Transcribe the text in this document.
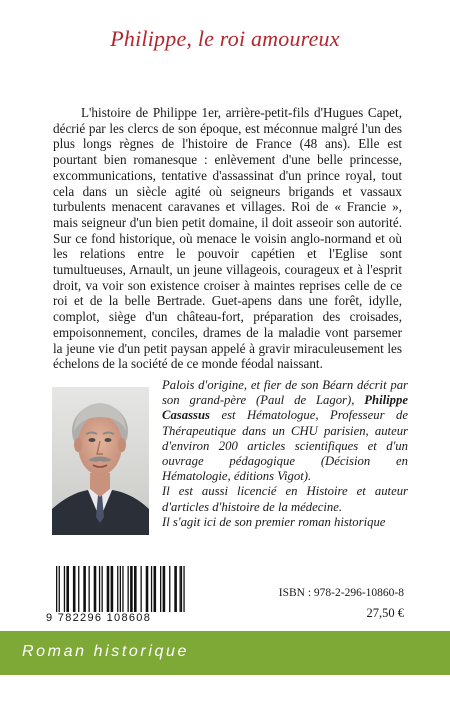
Philippe, le roi amoureux

L'histoire de Philippe 1er, arrière-petit-fils d'Hugues Capet, décrié par les clercs de son époque, est méconnue malgré l'un des plus longs règnes de l'histoire de France (48 ans). Elle est pourtant bien romanesque : enlèvement d'une belle princesse, excommunications, tentative d'assassinat d'un prince royal, tout cela dans un siècle agité où seigneurs brigands et vassaux turbulents menacent caravanes et villages. Roi de « Francie », mais seigneur d'un bien petit domaine, il doit asseoir son autorité. Sur ce fond historique, où menace le voisin anglo-normand et où les relations entre le pouvoir capétien et l'Eglise sont tumultueuses, Arnault, un jeune villageois, courageux et à l'esprit droit, va voir son existence croiser à maintes reprises celle de ce roi et de la belle Bertrade. Guet-apens dans une forêt, idylle, complot, siège d'un château-fort, préparation des croisades, empoisonnement, conciles, drames de la maladie vont parsemer la jeune vie d'un petit paysan appelé à gravir miraculeusement les échelons de la société de ce monde féodal naissant.

Palois d'origine, et fier de son Béarn décrit par son grand-père (Paul de Lagor), Philippe Casassus est Hématologue, Professeur de Thérapeutique dans un CHU parisien, auteur d'environ 200 articles scientifiques et d'un ouvrage pédagogique (Décision en Hématologie, éditions Vigot).

Il est aussi licencié en Histoire et auteur d'articles d'histoire de la médecine.

Il s'agit ici de son premier roman historique

9 782296 108608
ISBN : 978-2-296-10860-8
27,50 €
Roman historique
